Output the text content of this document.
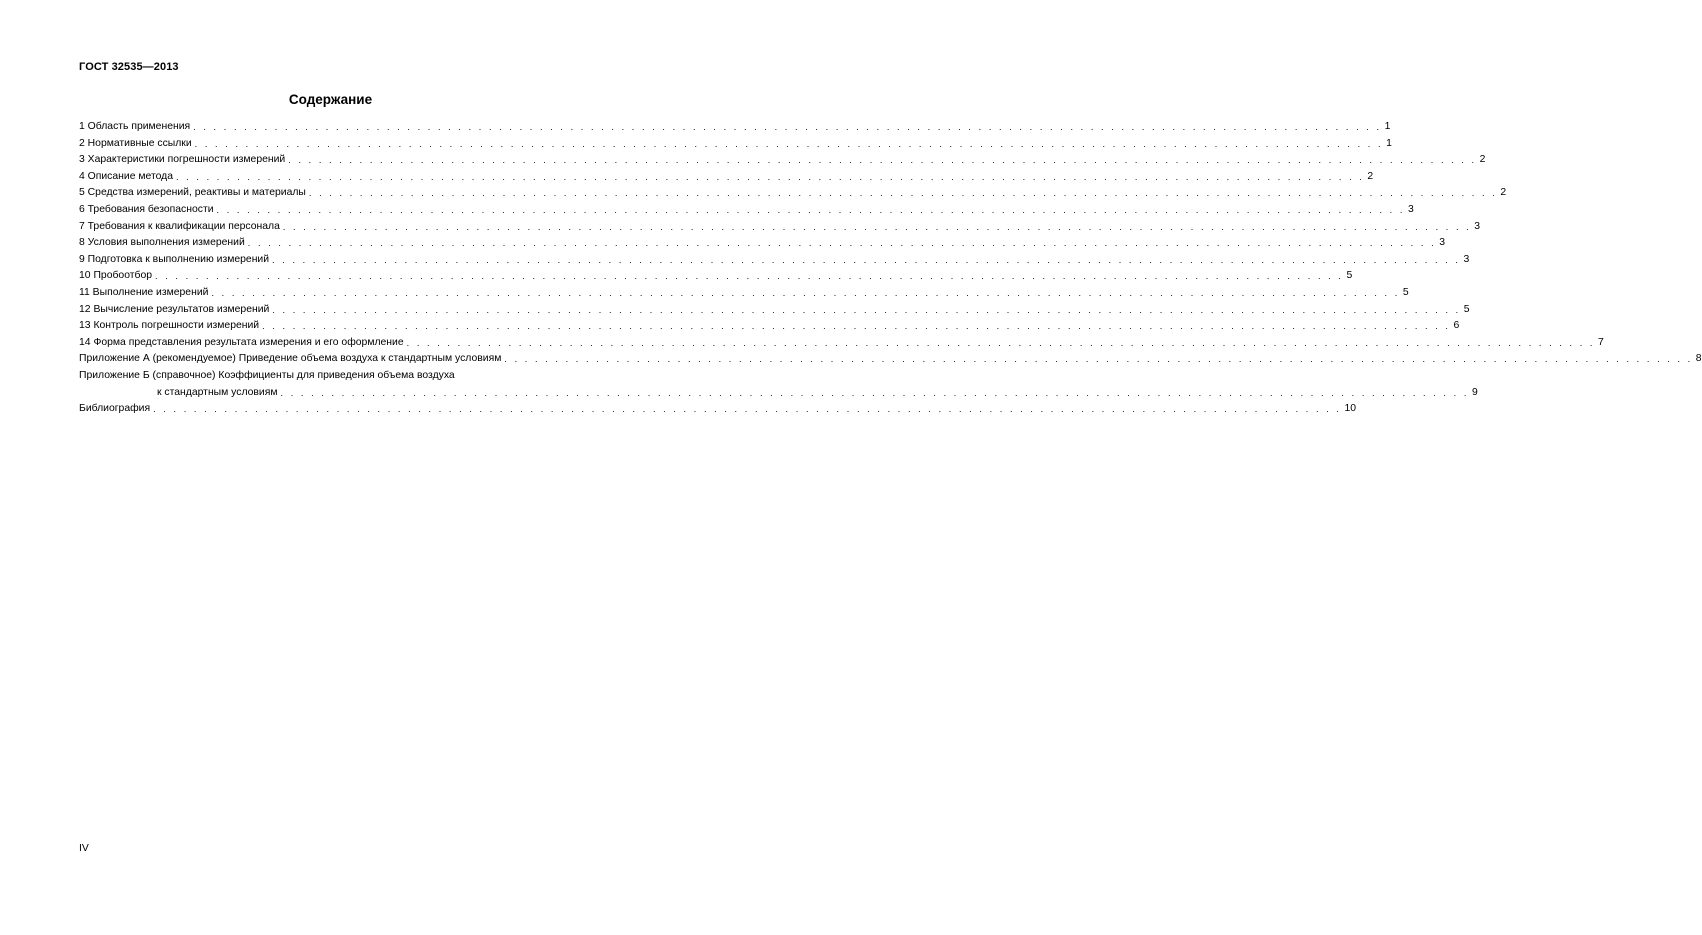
ГОСТ 32535—2013
Содержание
1 Область применения . . . . . . . . . . . . . . . . . . . . . . . . . . . . . . . . . . . . . . . . . . . . . . . . . . . . . . . . . . . . . . . . . . . . . . . . . . . . . . . . . . . . . . . . . . . . . . . . . . . . . . . . . . . . . . . . . . . . . 1
2 Нормативные ссылки . . . . . . . . . . . . . . . . . . . . . . . . . . . . . . . . . . . . . . . . . . . . . . . . . . . . . . . . . . . . . . . . . . . . . . . . . . . . . . . . . . . . . . . . . . . . . . . . . . . . . . . . . . . . . . . . . . . . . 1
3 Характеристики погрешности измерений . . . . . . . . . . . . . . . . . . . . . . . . . . . . . . . . . . . . . . . . . . . . . . . . . . . . . . . . . . . . . . . . . . . . . . . . . . . . . . . . . . . . . . . . . . . . . . . . . . . . . . . . . . . . . . . . . . . . . 2
4 Описание метода . . . . . . . . . . . . . . . . . . . . . . . . . . . . . . . . . . . . . . . . . . . . . . . . . . . . . . . . . . . . . . . . . . . . . . . . . . . . . . . . . . . . . . . . . . . . . . . . . . . . . . . . . . . . . . . . . . . . . 2
5 Средства измерений, реактивы и материалы . . . . . . . . . . . . . . . . . . . . . . . . . . . . . . . . . . . . . . . . . . . . . . . . . . . . . . . . . . . . . . . . . . . . . . . . . . . . . . . . . . . . . . . . . . . . . . . . . . . . . . . . . . . . . . . . . . . . . 2
6 Требования безопасности . . . . . . . . . . . . . . . . . . . . . . . . . . . . . . . . . . . . . . . . . . . . . . . . . . . . . . . . . . . . . . . . . . . . . . . . . . . . . . . . . . . . . . . . . . . . . . . . . . . . . . . . . . . . . . . . . . . . . 3
7 Требования к квалификации персонала . . . . . . . . . . . . . . . . . . . . . . . . . . . . . . . . . . . . . . . . . . . . . . . . . . . . . . . . . . . . . . . . . . . . . . . . . . . . . . . . . . . . . . . . . . . . . . . . . . . . . . . . . . . . . . . . . . . . . 3
8 Условия выполнения измерений . . . . . . . . . . . . . . . . . . . . . . . . . . . . . . . . . . . . . . . . . . . . . . . . . . . . . . . . . . . . . . . . . . . . . . . . . . . . . . . . . . . . . . . . . . . . . . . . . . . . . . . . . . . . . . . . . . . . . 3
9 Подготовка к выполнению измерений . . . . . . . . . . . . . . . . . . . . . . . . . . . . . . . . . . . . . . . . . . . . . . . . . . . . . . . . . . . . . . . . . . . . . . . . . . . . . . . . . . . . . . . . . . . . . . . . . . . . . . . . . . . . . . . . . . . . . 3
10 Пробоотбор . . . . . . . . . . . . . . . . . . . . . . . . . . . . . . . . . . . . . . . . . . . . . . . . . . . . . . . . . . . . . . . . . . . . . . . . . . . . . . . . . . . . . . . . . . . . . . . . . . . . . . . . . . . . . . . . . . . . . 5
11 Выполнение измерений . . . . . . . . . . . . . . . . . . . . . . . . . . . . . . . . . . . . . . . . . . . . . . . . . . . . . . . . . . . . . . . . . . . . . . . . . . . . . . . . . . . . . . . . . . . . . . . . . . . . . . . . . . . . . . . . . . . . . 5
12 Вычисление результатов измерений . . . . . . . . . . . . . . . . . . . . . . . . . . . . . . . . . . . . . . . . . . . . . . . . . . . . . . . . . . . . . . . . . . . . . . . . . . . . . . . . . . . . . . . . . . . . . . . . . . . . . . . . . . . . . . . . . . . . . 5
13 Контроль погрешности измерений . . . . . . . . . . . . . . . . . . . . . . . . . . . . . . . . . . . . . . . . . . . . . . . . . . . . . . . . . . . . . . . . . . . . . . . . . . . . . . . . . . . . . . . . . . . . . . . . . . . . . . . . . . . . . . . . . . . . . 6
14 Форма представления результата измерения и его оформление . . . . . . . . . . . . . . . . . . . . . . . . . . . . . . . . . . . . . . . . . . . . . . . . . . . . . . . . . . . . . . . . . . . . . . . . . . . . . . . . . . . . . . . . . . . . . . . . . . . . . . . . . . . . . . . . . . . . . 7
Приложение А (рекомендуемое) Приведение объема воздуха к стандартным условиям . . . . . . . . . . . . . . . . . . . . . . . . . . . . . . . . . . . . . . . . . . . . . . . . . . . . . . . . . . . . . . . . . . . . . . . . . . . . . . . . . . . . . . . . . . . . . . . . . . . . . . . . . . . . . . . . . . . . . 8
Приложение Б (справочное) Коэффициенты для приведения объема воздуха
к стандартным условиям . . . . . . . . . . . . . . . . . . . . . . . . . . . . . . . . . . . . . . . . . . . . . . . . . . . . . . . . . . . . . . . . . . . . . . . . . . . . . . . . . . . . . . . . . . . . . . . . . . . . . . . . . . . . . . . . . . . . . 9
Библиография . . . . . . . . . . . . . . . . . . . . . . . . . . . . . . . . . . . . . . . . . . . . . . . . . . . . . . . . . . . . . . . . . . . . . . . . . . . . . . . . . . . . . . . . . . . . . . . . . . . . . . . . . . . . . . . . . . . . . 10
IV
